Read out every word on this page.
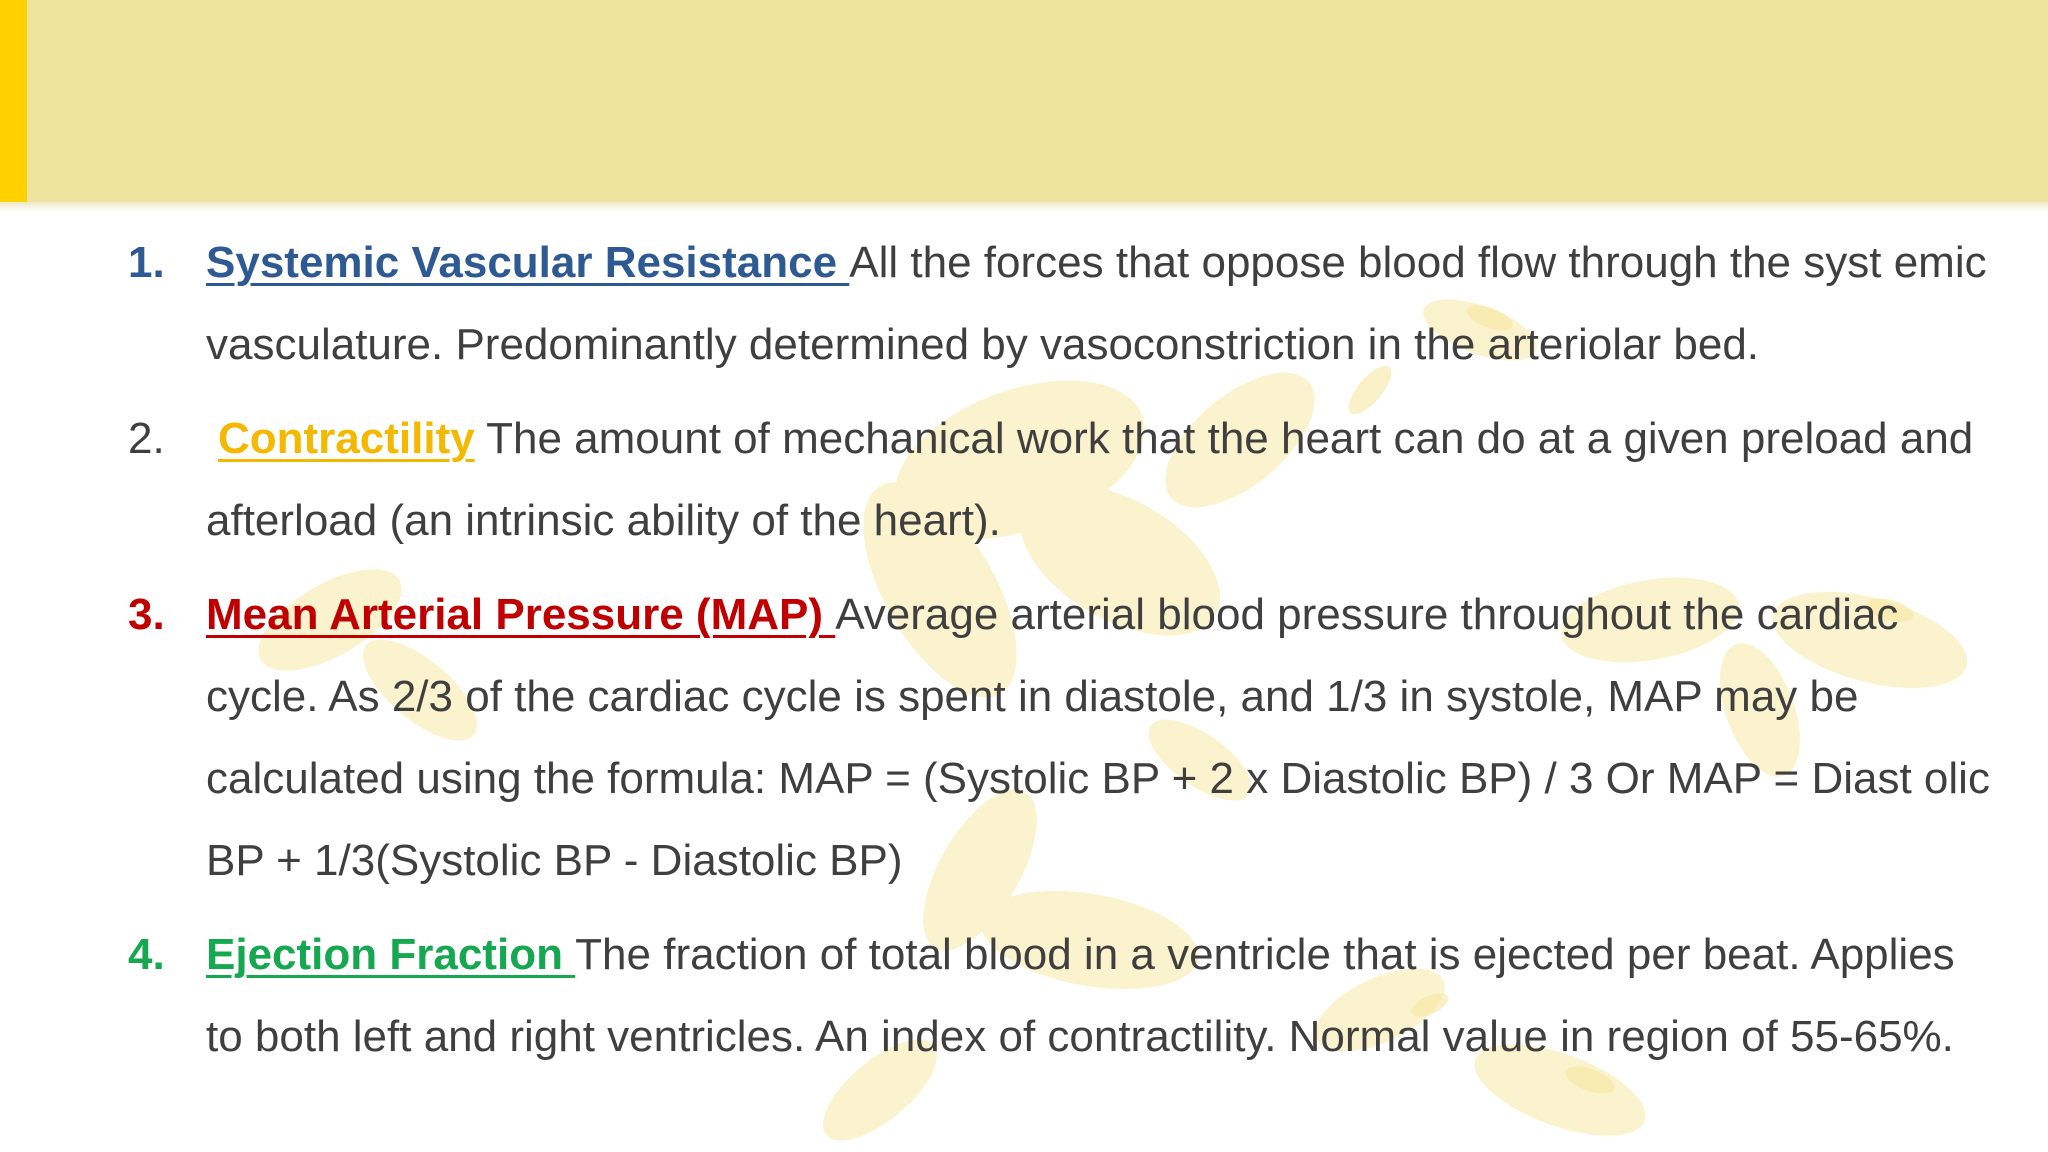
1. Systemic Vascular Resistance All the forces that oppose blood flow through the syst emic vasculature. Predominantly determined by vasoconstriction in the arteriolar bed.
2.	Contractility The amount of mechanical work that the heart can do at a given preload and afterload (an intrinsic ability of the heart).
3. Mean Arterial Pressure (MAP) Average arterial blood pressure throughout the cardiac cycle. As 2/3 of the cardiac cycle is spent in diastole, and 1/3 in systole, MAP may be calculated using the formula: MAP = (Systolic BP + 2 x Diastolic BP) / 3 Or MAP = Diast olic BP + 1/3(Systolic BP - Diastolic BP)
4. Ejection Fraction The fraction of total blood in a ventricle that is ejected per beat. Applies to both left and right ventricles. An index of contractility. Normal value in region of 55-65%.
